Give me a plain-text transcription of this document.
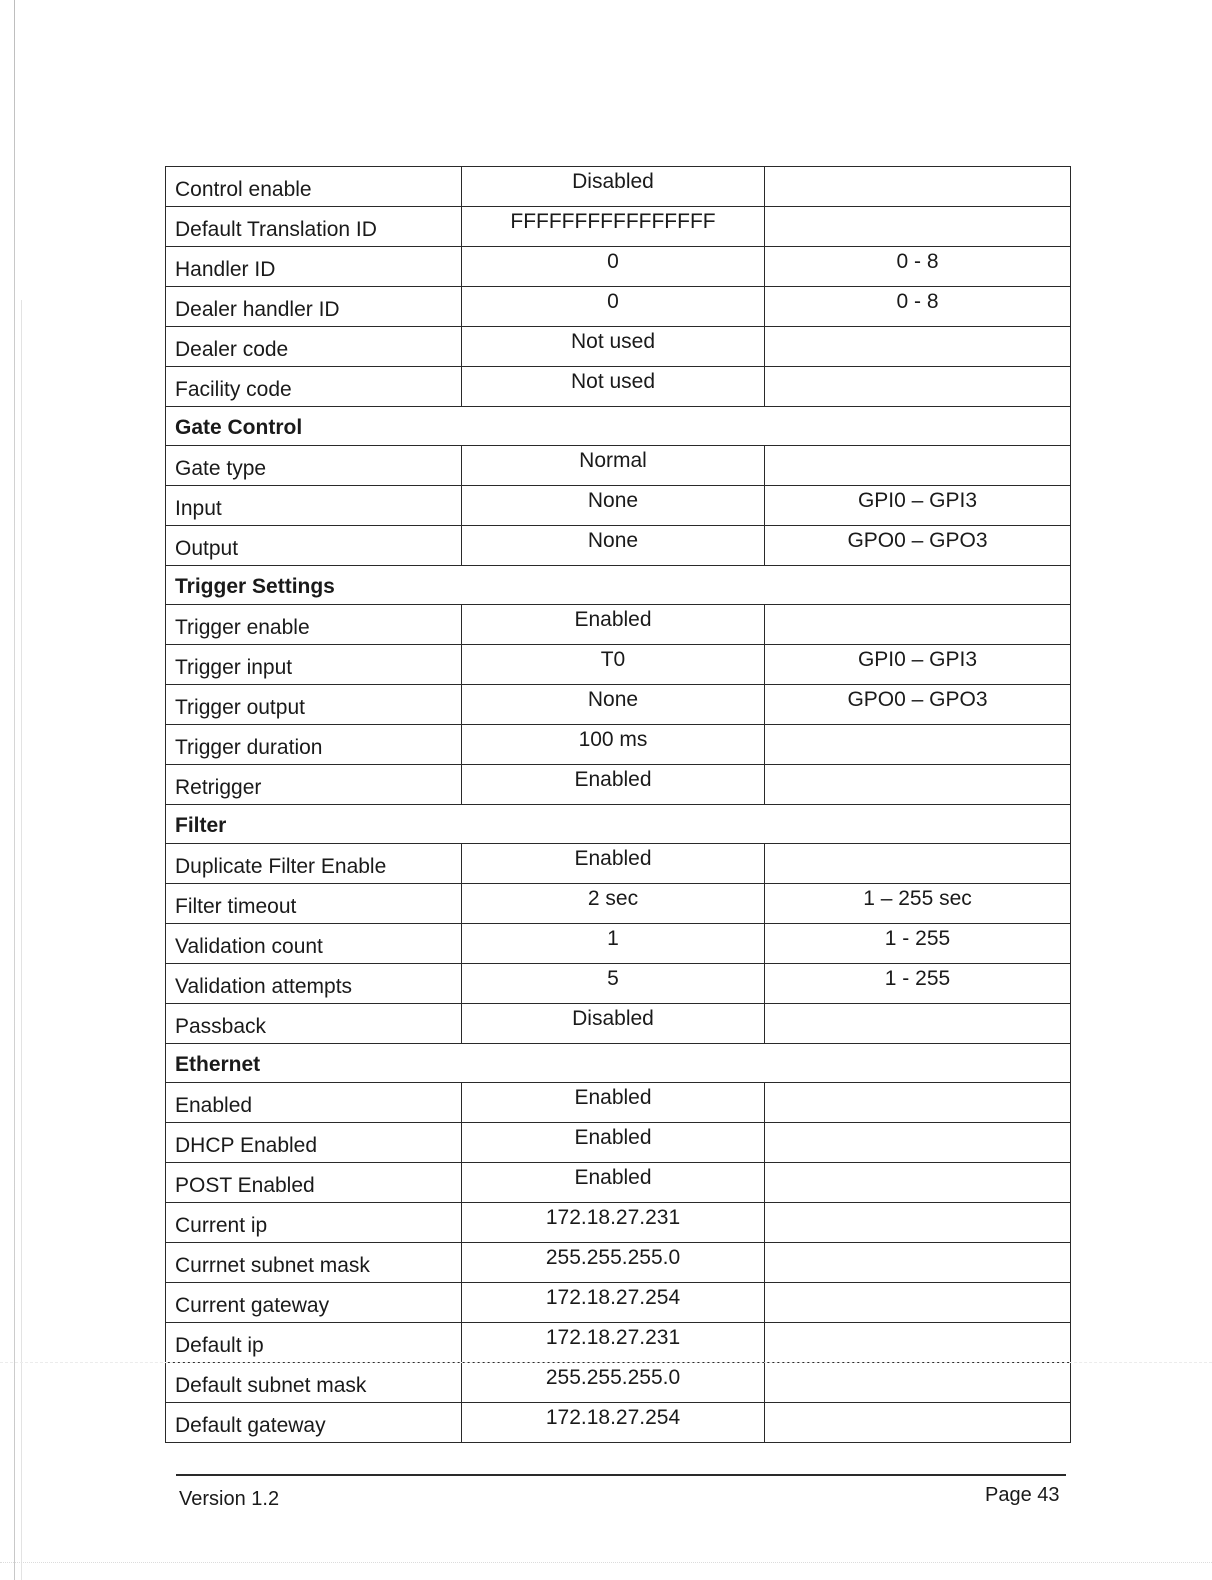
Control enable	Disabled	
Default Translation ID	FFFFFFFFFFFFFFFF	
Handler ID	0	0 - 8
Dealer handler ID	0	0 - 8
Dealer code	Not used	
Facility code	Not used	
Gate Control		
Gate type	Normal	
Input	None	GPI0 – GPI3
Output	None	GPO0 – GPO3
Trigger Settings		
Trigger enable	Enabled	
Trigger input	T0	GPI0 – GPI3
Trigger output	None	GPO0 – GPO3
Trigger duration	100 ms	
Retrigger	Enabled	
Filter		
Duplicate Filter Enable	Enabled	
Filter timeout	2 sec	1 – 255 sec
Validation count	1	1 - 255
Validation attempts	5	1 - 255
Passback	Disabled	
Ethernet		
Enabled	Enabled	
DHCP Enabled	Enabled	
POST Enabled	Enabled	
Current ip	172.18.27.231	
Currnet subnet mask	255.255.255.0	
Current gateway	172.18.27.254	
Default ip	172.18.27.231	
Default subnet mask	255.255.255.0	
Default gateway	172.18.27.254	
Version 1.2	Page 43
